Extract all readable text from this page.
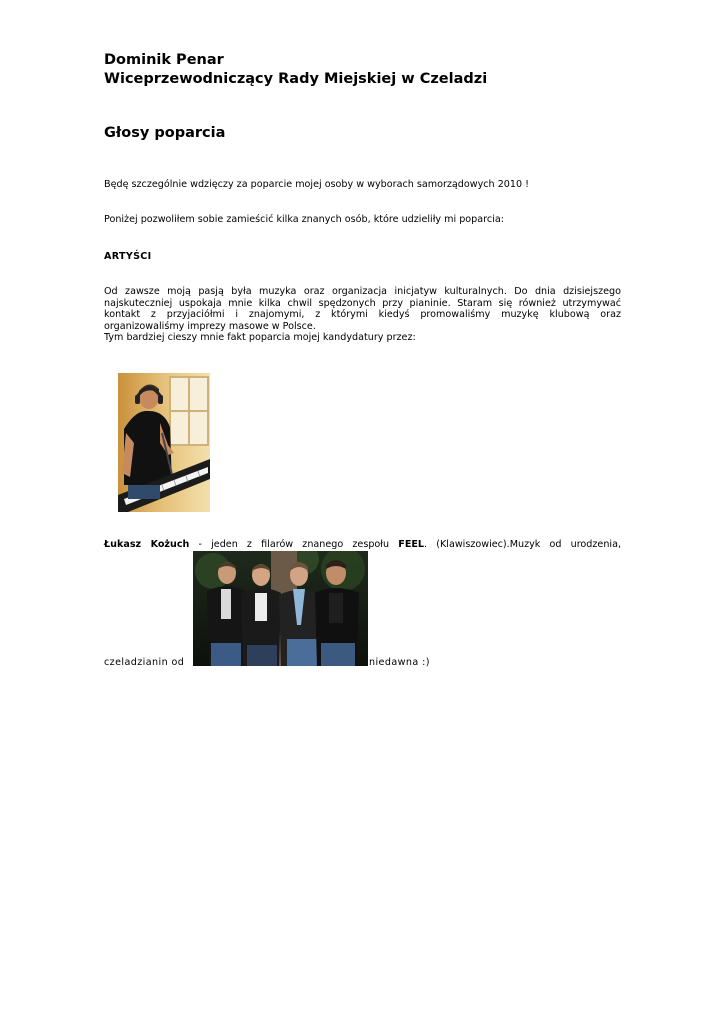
Dominik Penar
Wiceprzewodniczący Rady Miejskiej w Czeladzi
Głosy poparcia

Będę szczególnie wdzięczy za poparcie mojej osoby w wyborach samorządowych 2010 !

Poniżej pozwoliłem sobie zamieścić kilka znanych osób, które udzieliły mi poparcia:

ARTYŚCI

Od zawsze moją pasją była muzyka oraz organizacja inicjatyw kulturalnych. Do dnia dzisiejszego
najskuteczniej uspokaja mnie kilka chwil spędzonych przy pianinie. Staram się również utrzymywać
kontakt z przyjaciółmi i znajomymi, z którymi kiedyś promowaliśmy muzykę klubową oraz
organizowaliśmy imprezy masowe w Polsce.
Tym bardziej cieszy mnie fakt poparcia mojej kandydatury przez:
Łukasz Kożuch - jeden z filarów znanego zespołu FEEL. (Klawiszowiec).Muzyk od urodzenia,
czeladzianin od	niedawna :)
